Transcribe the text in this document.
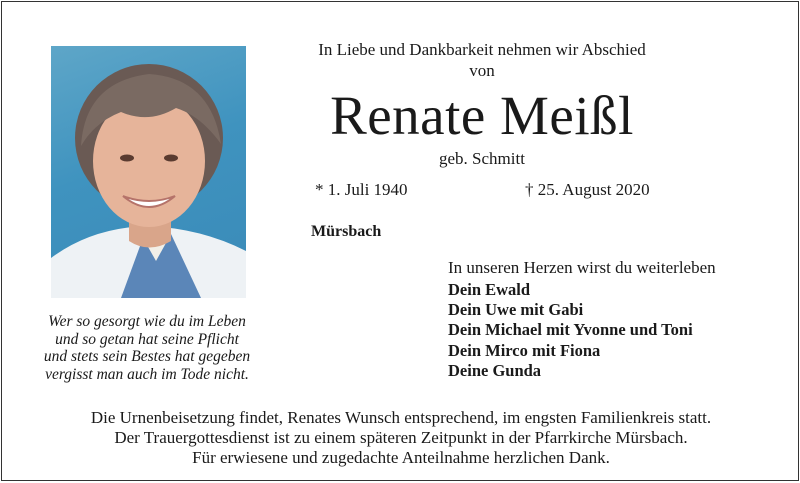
Wer so gesorgt wie du im Leben
und so getan hat seine Pflicht
und stets sein Bestes hat gegeben
vergisst man auch im Tode nicht.
In Liebe und Dankbarkeit nehmen wir Abschied
von
Renate Meißl
geb. Schmitt
* 1. Juli 1940	† 25. August 2020
Mürsbach
In unseren Herzen wirst du weiterleben
Dein Ewald
Dein Uwe mit Gabi
Dein Michael mit Yvonne und Toni
Dein Mirco mit Fiona
Deine Gunda
Die Urnenbeisetzung findet, Renates Wunsch entsprechend, im engsten Familienkreis statt.
Der Trauergottesdienst ist zu einem späteren Zeitpunkt in der Pfarrkirche Mürsbach.
Für erwiesene und zugedachte Anteilnahme herzlichen Dank.
